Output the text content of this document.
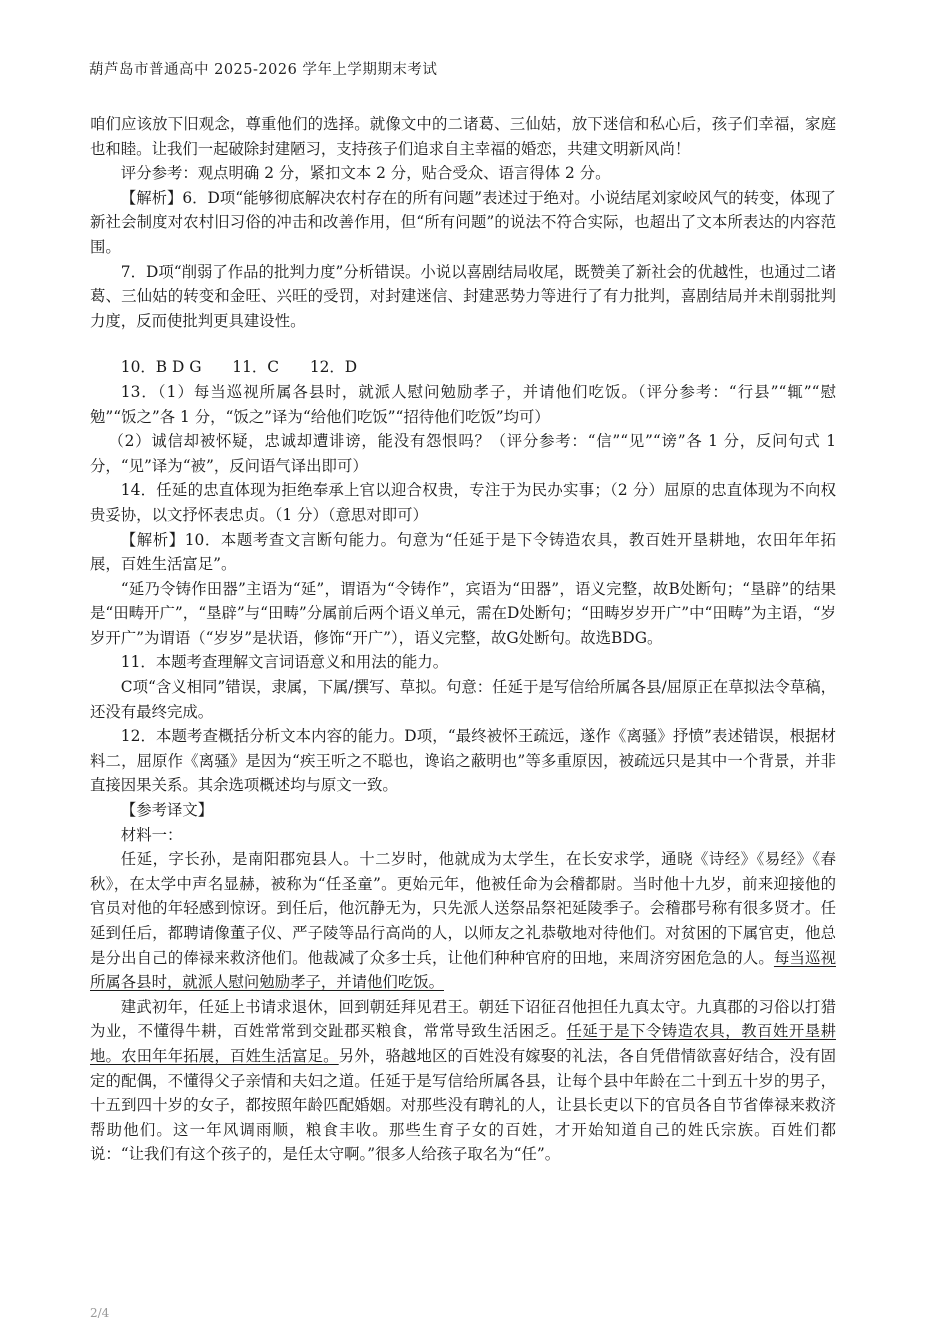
葫芦岛市普通高中 2025-2026 学年上学期期末考试

咱们应该放下旧观念，尊重他们的选择。就像文中的二诸葛、三仙姑，放下迷信和私心后，孩子们幸福，家庭也和睦。让我们一起破除封建陋习，支持孩子们追求自主幸福的婚恋，共建文明新风尚！

评分参考：观点明确 2 分，紧扣文本 2 分，贴合受众、语言得体 2 分。

【解析】6．D项“能够彻底解决农村存在的所有问题”表述过于绝对。小说结尾刘家峧风气的转变，体现了新社会制度对农村旧习俗的冲击和改善作用，但“所有问题”的说法不符合实际，也超出了文本所表达的内容范围。

7．D项“削弱了作品的批判力度”分析错误。小说以喜剧结局收尾，既赞美了新社会的优越性，也通过二诸葛、三仙姑的转变和金旺、兴旺的受罚，对封建迷信、封建恶势力等进行了有力批判，喜剧结局并未削弱批判力度，反而使批判更具建设性。

10．B D G　　11．C　　12．D

13．（1）每当巡视所属各县时，就派人慰问勉励孝子，并请他们吃饭。（评分参考：“行县”“辄”“慰勉”“饭之”各 1 分，“饭之”译为“给他们吃饭”“招待他们吃饭”均可）

（2）诚信却被怀疑，忠诚却遭诽谤，能没有怨恨吗？（评分参考：“信”“见”“谤”各 1 分，反问句式 1 分，“见”译为“被”，反问语气译出即可）

14．任延的忠直体现为拒绝奉承上官以迎合权贵，专注于为民办实事；（2 分）屈原的忠直体现为不向权贵妥协，以文抒怀表忠贞。（1 分）（意思对即可）

【解析】10．本题考查文言断句能力。句意为“任延于是下令铸造农具，教百姓开垦耕地，农田年年拓展，百姓生活富足”。

“延乃令铸作田器”主语为“延”，谓语为“令铸作”，宾语为“田器”，语义完整，故B处断句；“垦辟”的结果是“田畴开广”，“垦辟”与“田畴”分属前后两个语义单元，需在D处断句；“田畴岁岁开广”中“田畴”为主语，“岁岁开广”为谓语（“岁岁”是状语，修饰“开广”），语义完整，故G处断句。故选BDG。

11．本题考查理解文言词语意义和用法的能力。

C项“含义相同”错误，隶属，下属/撰写、草拟。句意：任延于是写信给所属各县/屈原正在草拟法令草稿，还没有最终完成。

12．本题考查概括分析文本内容的能力。D项，“最终被怀王疏远，遂作《离骚》抒愤”表述错误，根据材料二，屈原作《离骚》是因为“疾王听之不聪也，谗谄之蔽明也”等多重原因，被疏远只是其中一个背景，并非直接因果关系。其余选项概述均与原文一致。

【参考译文】

材料一：

任延，字长孙，是南阳郡宛县人。十二岁时，他就成为太学生，在长安求学，通晓《诗经》《易经》《春秋》，在太学中声名显赫，被称为“任圣童”。更始元年，他被任命为会稽都尉。当时他十九岁，前来迎接他的官员对他的年轻感到惊讶。到任后，他沉静无为，只先派人送祭品祭祀延陵季子。会稽郡号称有很多贤才。任延到任后，都聘请像董子仪、严子陵等品行高尚的人，以师友之礼恭敬地对待他们。对贫困的下属官吏，他总是分出自己的俸禄来救济他们。他裁减了众多士兵，让他们种种官府的田地，来周济穷困危急的人。每当巡视所属各县时，就派人慰问勉励孝子，并请他们吃饭。

建武初年，任延上书请求退休，回到朝廷拜见君王。朝廷下诏征召他担任九真太守。九真郡的习俗以打猎为业，不懂得牛耕，百姓常常到交趾郡买粮食，常常导致生活困乏。任延于是下令铸造农具，教百姓开垦耕地。农田年年拓展，百姓生活富足。另外，骆越地区的百姓没有嫁娶的礼法，各自凭借情欲喜好结合，没有固定的配偶，不懂得父子亲情和夫妇之道。任延于是写信给所属各县，让每个县中年龄在二十到五十岁的男子，十五到四十岁的女子，都按照年龄匹配婚姻。对那些没有聘礼的人，让县长吏以下的官员各自节省俸禄来救济帮助他们。这一年风调雨顺，粮食丰收。那些生育子女的百姓，才开始知道自己的姓氏宗族。百姓们都说：“让我们有这个孩子的，是任太守啊。”很多人给孩子取名为“任”。

2/4
